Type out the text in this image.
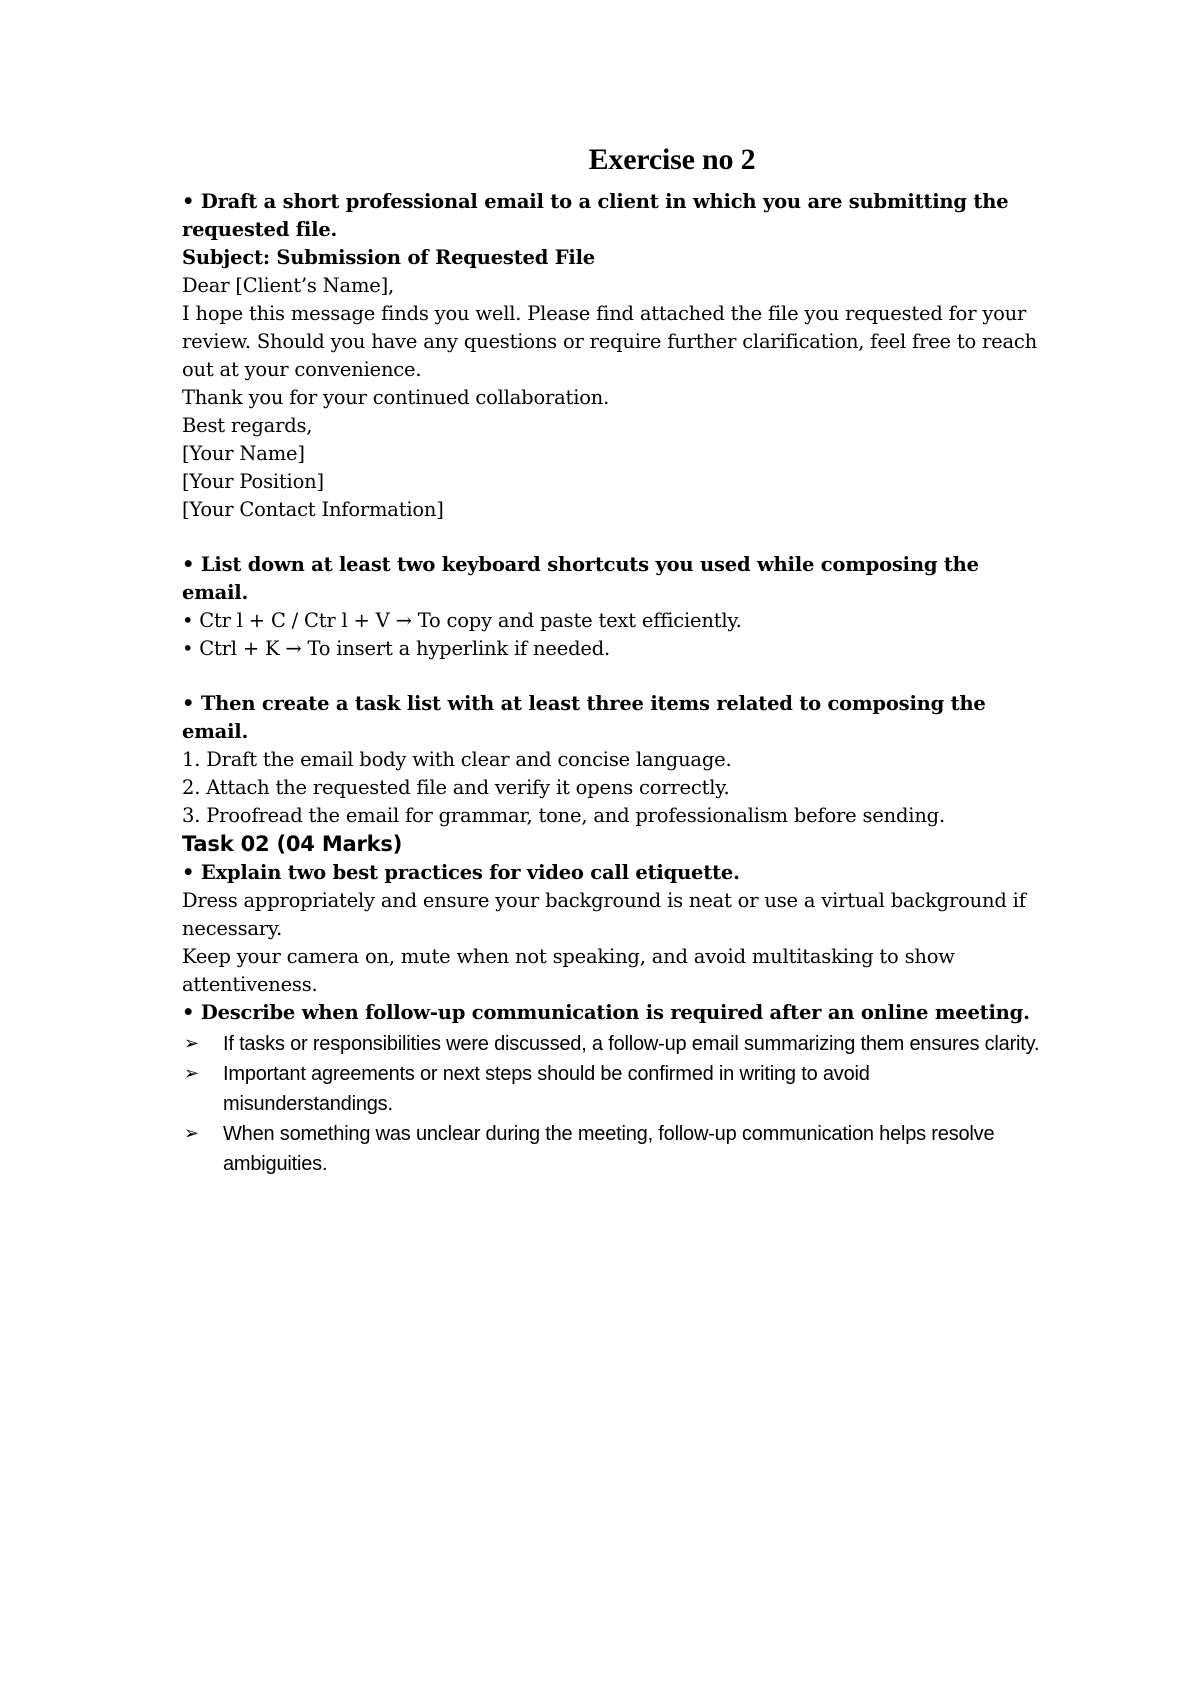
Exercise no 2

• Draft a short professional email to a client in which you are submitting the requested file.

Subject: Submission of Requested File

Dear [Client’s Name],

I hope this message finds you well. Please find attached the file you requested for your review. Should you have any questions or require further clarification, feel free to reach out at your convenience.

Thank you for your continued collaboration.

Best regards,

[Your Name]

[Your Position]

[Your Contact Information]

• List down at least two keyboard shortcuts you used while composing the email.

• Ctr l + C / Ctr l + V → To copy and paste text efficiently.

• Ctrl + K → To insert a hyperlink if needed.

• Then create a task list with at least three items related to composing the email.

1. Draft the email body with clear and concise language.

2. Attach the requested file and verify it opens correctly.

3. Proofread the email for grammar, tone, and professionalism before sending.

Task 02 (04 Marks)

• Explain two best practices for video call etiquette.

Dress appropriately and ensure your background is neat or use a virtual background if necessary.

Keep your camera on, mute when not speaking, and avoid multitasking to show attentiveness.

• Describe when follow-up communication is required after an online meeting.

➢ If tasks or responsibilities were discussed, a follow-up email summarizing them ensures clarity.
➢ Important agreements or next steps should be confirmed in writing to avoid misunderstandings.
➢ When something was unclear during the meeting, follow-up communication helps resolve ambiguities.
